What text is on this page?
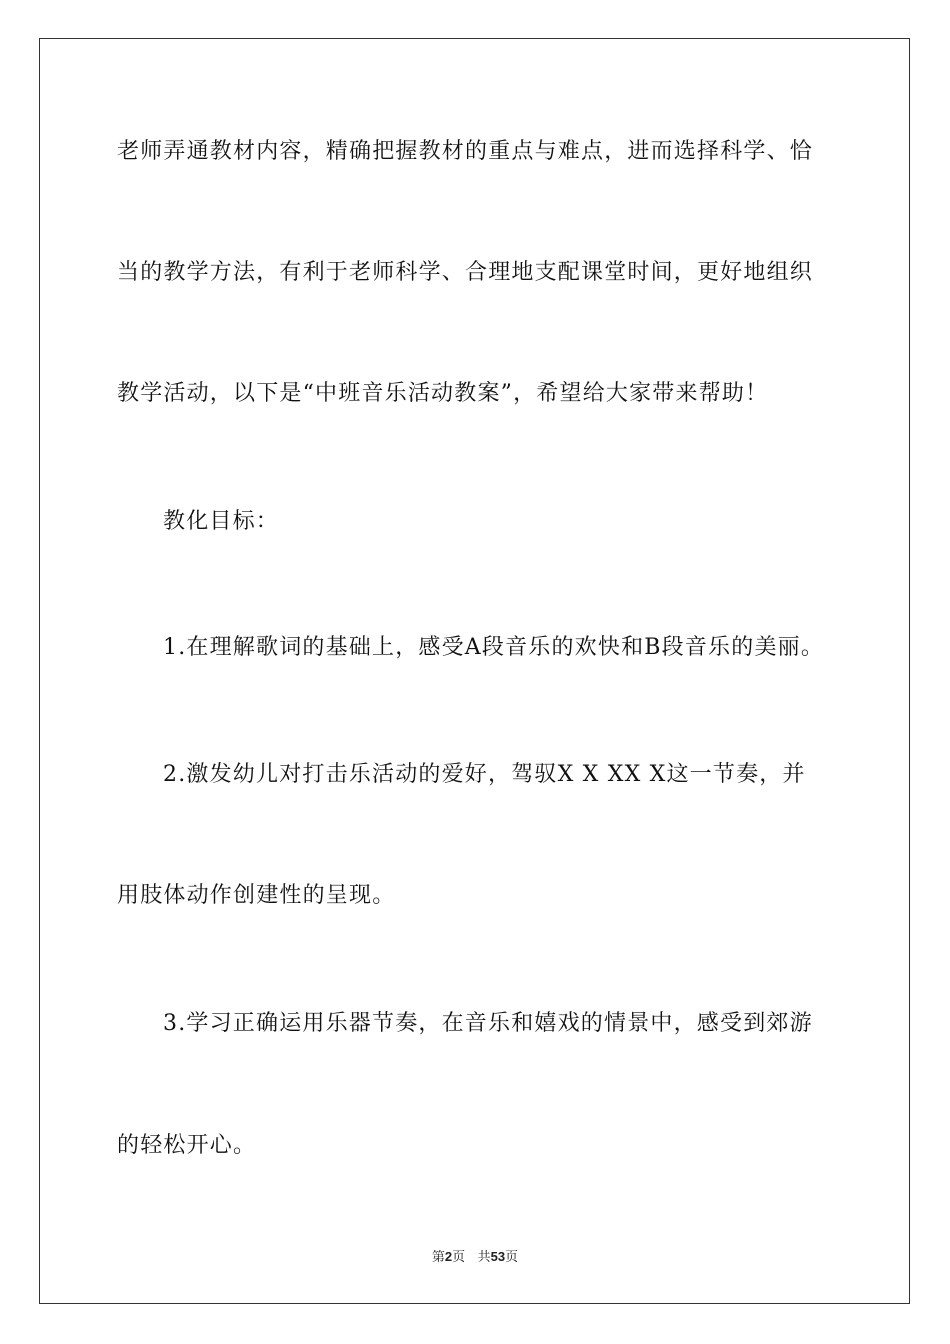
老师弄通教材内容，精确把握教材的重点与难点，进而选择科学、恰
当的教学方法，有利于老师科学、合理地支配课堂时间，更好地组织
教学活动，以下是“中班音乐活动教案”，希望给大家带来帮助！
教化目标：
1.在理解歌词的基础上，感受A段音乐的欢快和B段音乐的美丽。
2.激发幼儿对打击乐活动的爱好，驾驭X X XX X这一节奏，并
用肢体动作创建性的呈现。
3.学习正确运用乐器节奏，在音乐和嬉戏的情景中，感受到郊游
的轻松开心。
第2页 共53页
